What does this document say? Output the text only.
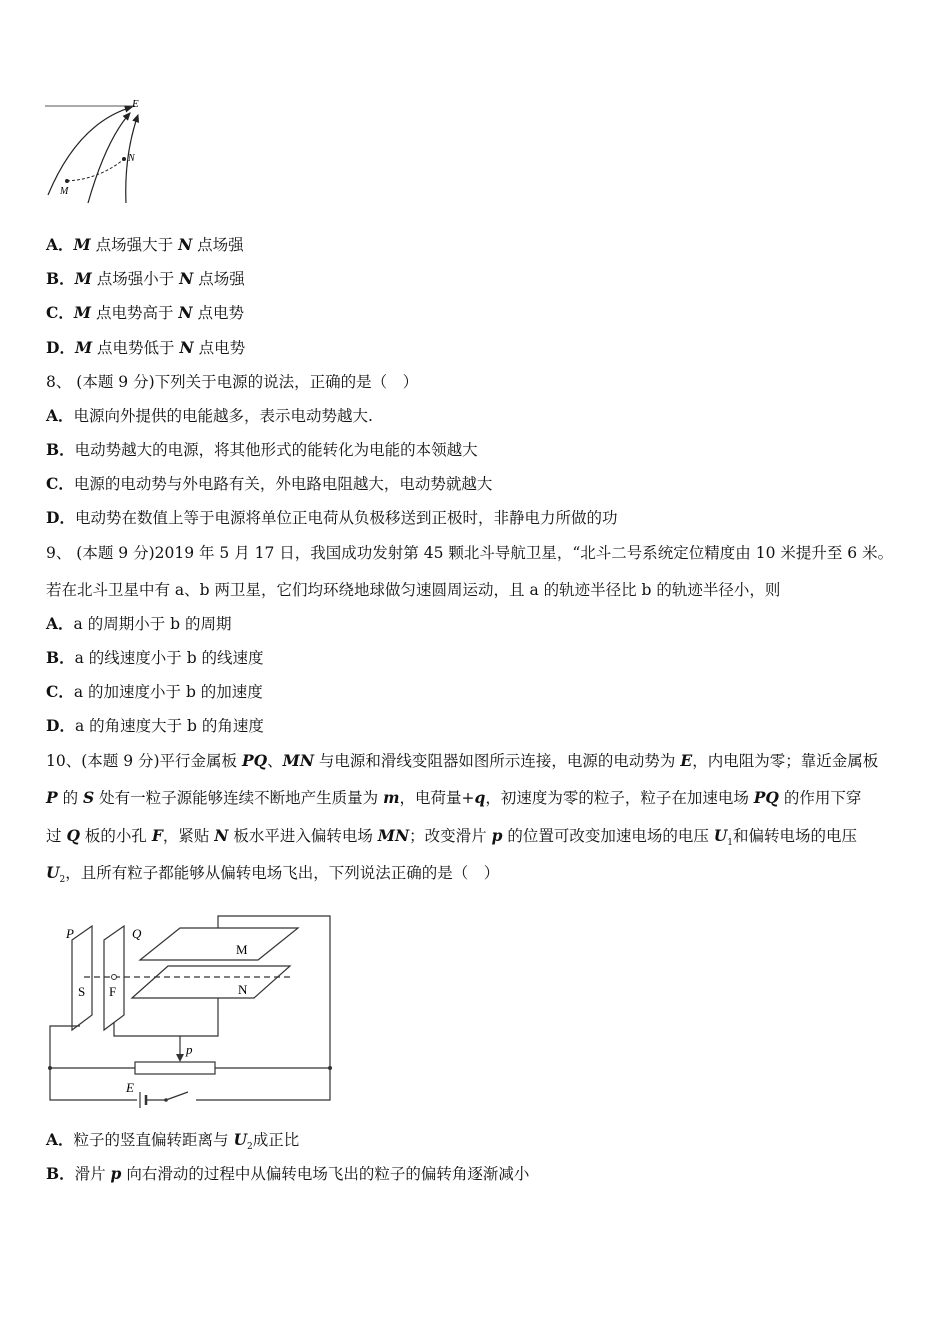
E
N
M
A．M 点场强大于 N 点场强
B．M 点场强小于 N 点场强
C．M 点电势高于 N 点电势
D．M 点电势低于 N 点电势
8、 (本题 9 分)下列关于电源的说法，正确的是（　）
A．电源向外提供的电能越多，表示电动势越大.
B．电动势越大的电源，将其他形式的能转化为电能的本领越大
C．电源的电动势与外电路有关，外电路电阻越大，电动势就越大
D．电动势在数值上等于电源将单位正电荷从负极移送到正极时，非静电力所做的功
9、 (本题 9 分)2019 年 5 月 17 日，我国成功发射第 45 颗北斗导航卫星，“北斗二号系统定位精度由 10 米提升至 6 米。
若在北斗卫星中有 a、b 两卫星，它们均环绕地球做匀速圆周运动，且 a 的轨迹半径比 b 的轨迹半径小，则
A．a 的周期小于 b 的周期
B．a 的线速度小于 b 的线速度
C．a 的加速度小于 b 的加速度
D．a 的角速度大于 b 的角速度
10、(本题 9 分)平行金属板 PQ、MN 与电源和滑线变阻器如图所示连接，电源的电动势为 E，内电阻为零；靠近金属板
P 的 S 处有一粒子源能够连续不断地产生质量为 m，电荷量+q，初速度为零的粒子，粒子在加速电场 PQ 的作用下穿
过 Q 板的小孔 F，紧贴 N 板水平进入偏转电场 MN；改变滑片 p 的位置可改变加速电场的电压 $U_1$和偏转电场的电压
$U_2$，且所有粒子都能够从偏转电场飞出，下列说法正确的是（　）
P	Q
M
N
S F
p
E
A．粒子的竖直偏转距离与 $U_2$成正比
B．滑片 p 向右滑动的过程中从偏转电场飞出的粒子的偏转角逐渐减小
